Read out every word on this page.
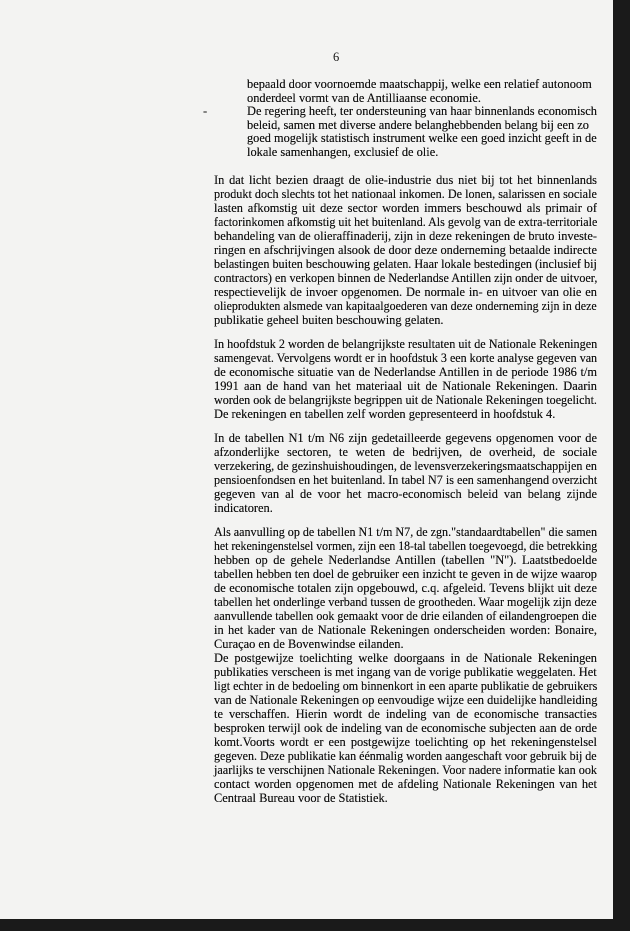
6
bepaald door voornoemde maatschappij, welke een relatief autonoom
onderdeel vormt van de Antilliaanse economie.
-	De regering heeft, ter ondersteuning van haar binnenlands economisch
beleid, samen met diverse andere belanghebbenden belang bij een zo
goed mogelijk statistisch instrument welke een goed inzicht geeft in de
lokale samenhangen, exclusief de olie.
In dat licht bezien draagt de olie-industrie dus niet bij tot het binnenlands
produkt doch slechts tot het nationaal inkomen. De lonen, salarissen en sociale
lasten afkomstig uit deze sector worden immers beschouwd als primair of
factorinkomen afkomstig uit het buitenland. Als gevolg van de extra-territoriale
behandeling van de olieraffinaderij, zijn in deze rekeningen de bruto investe-
ringen en afschrijvingen alsook de door deze onderneming betaalde indirecte
belastingen buiten beschouwing gelaten. Haar lokale bestedingen (inclusief bij
contractors) en verkopen binnen de Nederlandse Antillen zijn onder de uitvoer,
respectievelijk de invoer opgenomen. De normale in- en uitvoer van olie en
olieprodukten alsmede van kapitaalgoederen van deze onderneming zijn in deze
publikatie geheel buiten beschouwing gelaten.
In hoofdstuk 2 worden de belangrijkste resultaten uit de Nationale Rekeningen
samengevat. Vervolgens wordt er in hoofdstuk 3 een korte analyse gegeven van
de economische situatie van de Nederlandse Antillen in de periode 1986 t/m
1991 aan de hand van het materiaal uit de Nationale Rekeningen. Daarin
worden ook de belangrijkste begrippen uit de Nationale Rekeningen toegelicht.
De rekeningen en tabellen zelf worden gepresenteerd in hoofdstuk 4.
In de tabellen N1 t/m N6 zijn gedetailleerde gegevens opgenomen voor de
afzonderlijke sectoren, te weten de bedrijven, de overheid, de sociale
verzekering, de gezinshuishoudingen, de levensverzekeringsmaatschappijen en
pensioenfondsen en het buitenland. In tabel N7 is een samenhangend overzicht
gegeven van al de voor het macro-economisch beleid van belang zijnde
indicatoren.
Als aanvulling op de tabellen N1 t/m N7, de zgn."standaardtabellen" die samen
het rekeningenstelsel vormen, zijn een 18-tal tabellen toegevoegd, die betrekking
hebben op de gehele Nederlandse Antillen (tabellen "N"). Laatstbedoelde
tabellen hebben ten doel de gebruiker een inzicht te geven in de wijze waarop
de economische totalen zijn opgebouwd, c.q. afgeleid. Tevens blijkt uit deze
tabellen het onderlinge verband tussen de grootheden. Waar mogelijk zijn deze
aanvullende tabellen ook gemaakt voor de drie eilanden of eilandengroepen die
in het kader van de Nationale Rekeningen onderscheiden worden: Bonaire,
Curaçao en de Bovenwindse eilanden.
De postgewijze toelichting welke doorgaans in de Nationale Rekeningen
publikaties verscheen is met ingang van de vorige publikatie weggelaten. Het
ligt echter in de bedoeling om binnenkort in een aparte publikatie de gebruikers
van de Nationale Rekeningen op eenvoudige wijze een duidelijke handleiding
te verschaffen. Hierin wordt de indeling van de economische transacties
besproken terwijl ook de indeling van de economische subjecten aan de orde
komt.Voorts wordt er een postgewijze toelichting op het rekeningenstelsel
gegeven. Deze publikatie kan éénmalig worden aangeschaft voor gebruik bij de
jaarlijks te verschijnen Nationale Rekeningen. Voor nadere informatie kan ook
contact worden opgenomen met de afdeling Nationale Rekeningen van het
Centraal Bureau voor de Statistiek.
